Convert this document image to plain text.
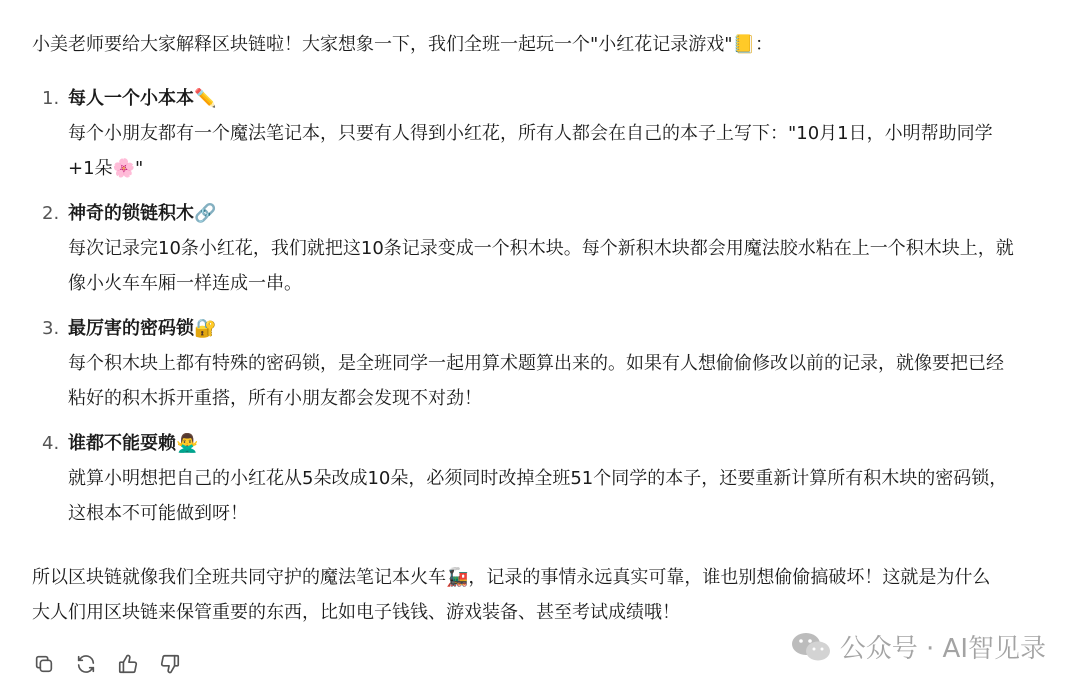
小美老师要给大家解释区块链啦！大家想象一下，我们全班一起玩一个"小红花记录游戏"📒：

1. 每人一个小本本✏️
每个小朋友都有一个魔法笔记本，只要有人得到小红花，所有人都会在自己的本子上写下："10月1日，小明帮助同学+1朵🌸"
2. 神奇的锁链积木🔗
每次记录完10条小红花，我们就把这10条记录变成一个积木块。每个新积木块都会用魔法胶水粘在上一个积木块上，就像小火车车厢一样连成一串。
3. 最厉害的密码锁🔐
每个积木块上都有特殊的密码锁，是全班同学一起用算术题算出来的。如果有人想偷偷修改以前的记录，就像要把已经粘好的积木拆开重搭，所有小朋友都会发现不对劲！
4. 谁都不能耍赖🙅‍♂️
就算小明想把自己的小红花从5朵改成10朵，必须同时改掉全班51个同学的本子，还要重新计算所有积木块的密码锁，这根本不可能做到呀！

所以区块链就像我们全班共同守护的魔法笔记本火车🚂，记录的事情永远真实可靠，谁也别想偷偷搞破坏！这就是为什么大人们用区块链来保管重要的东西，比如电子钱钱、游戏装备、甚至考试成绩哦！

公众号 · AI智见录
